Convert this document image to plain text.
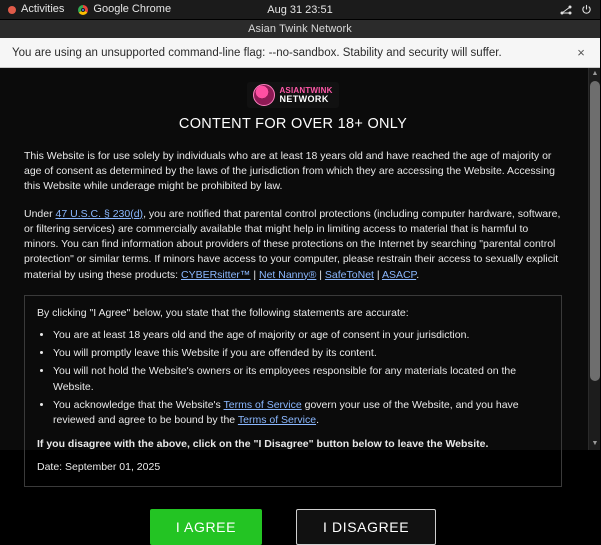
Activities	Google Chrome	Aug 31 23:51
Asian Twink Network
You are using an unsupported command-line flag: --no-sandbox. Stability and security will suffer.	×
ASIANTWINK
NETWORK
CONTENT FOR OVER 18+ ONLY

This Website is for use solely by individuals who are at least 18 years old and have reached the age of majority or age of consent as determined by the laws of the jurisdiction from which they are accessing the Website. Accessing this Website while underage might be prohibited by law.

Under 47 U.S.C. § 230(d), you are notified that parental control protections (including computer hardware, software, or filtering services) are commercially available that might help in limiting access to material that is harmful to minors. You can find information about providers of these protections on the Internet by searching "parental control protection" or similar terms. If minors have access to your computer, please restrain their access to sexually explicit material by using these products: CYBERsitter™ | Net Nanny® | SafeToNet | ASACP.

By clicking "I Agree" below, you state that the following statements are accurate:
• You are at least 18 years old and the age of majority or age of consent in your jurisdiction.
• You will promptly leave this Website if you are offended by its content.
• You will not hold the Website's owners or its employees responsible for any materials located on the Website.
• You acknowledge that the Website's Terms of Service govern your use of the Website, and you have reviewed and agree to be bound by the Terms of Service.
If you disagree with the above, click on the "I Disagree" button below to leave the Website.
Date: September 01, 2025
I AGREE	I DISAGREE
▲
▼
